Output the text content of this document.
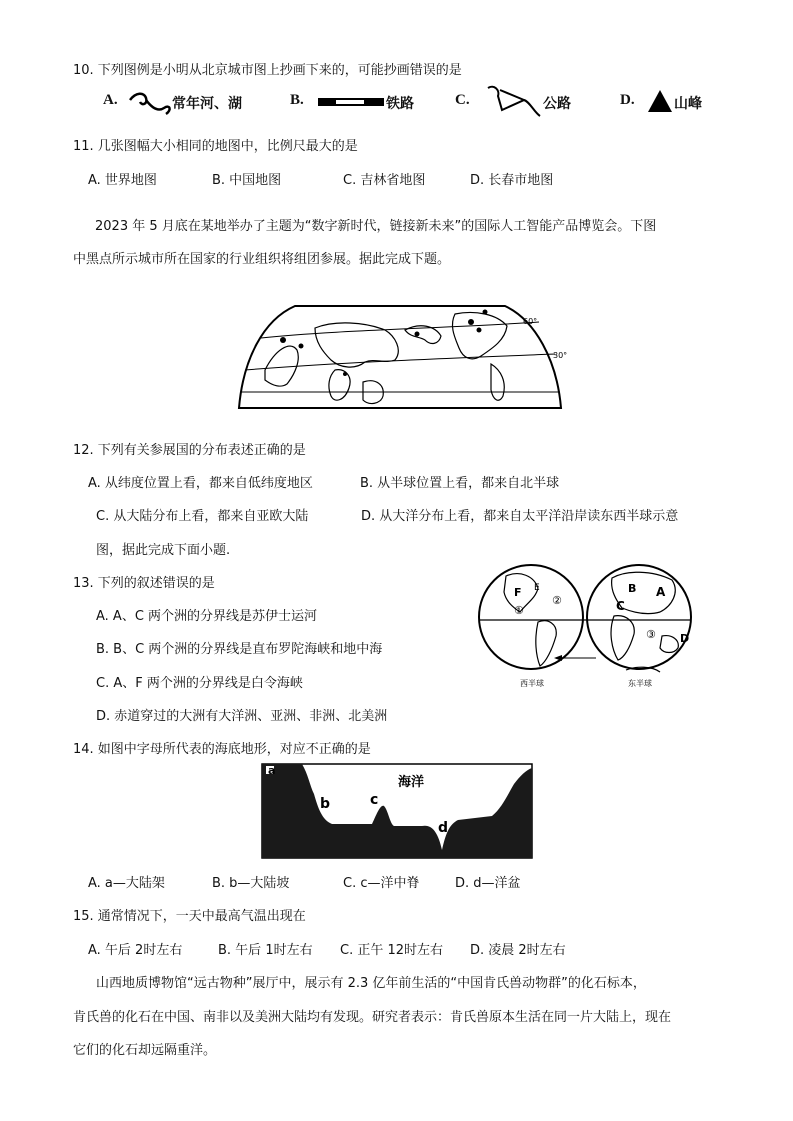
10. 下列图例是小明从北京城市图上抄画下来的，可能抄画错误的是
A.	常年河、湖	B.	铁路	C.	公路	D.	山峰
11. 几张图幅大小相同的地图中，比例尺最大的是
A. 世界地图	B. 中国地图	C. 吉林省地图	D. 长春市地图
2023 年 5 月底在某地举办了主题为“数字新时代，链接新未来”的国际人工智能产品博览会。下图
中黑点所示城市所在国家的行业组织将组团参展。据此完成下题。
60°
30°
12. 下列有关参展国的分布表述正确的是
A. 从纬度位置上看，都来自低纬度地区	B. 从半球位置上看，都来自北半球
C. 从大陆分布上看，都来自亚欧大陆	D. 从大洋分布上看，都来自太平洋沿岸读东西半球示意
图，据此完成下面小题.
13. 下列的叙述错误的是
A. A、C 两个洲的分界线是苏伊士运河
B. B、C 两个洲的分界线是直布罗陀海峡和地中海
C. A、F 两个洲的分界线是白令海峡
D. 赤道穿过的大洲有大洋洲、亚洲、非洲、北美洲
F
①
②
E	B A
C
③ D
西半球	东半球
14. 如图中字母所代表的海底地形，对应不正确的是
a
b	c
d
海洋
A. a—大陆架	B. b—大陆坡	C. c—洋中脊	D. d—洋盆
15. 通常情况下，一天中最高气温出现在
A. 午后 2时左右	B. 午后 1时左右 C. 正午 12时左右 D. 凌晨 2时左右
山西地质博物馆“远古物种”展厅中，展示有 2.3 亿年前生活的“中国肯氏兽动物群”的化石标本，
肯氏兽的化石在中国、南非以及美洲大陆均有发现。研究者表示：肯氏兽原本生活在同一片大陆上，现在
它们的化石却远隔重洋。
